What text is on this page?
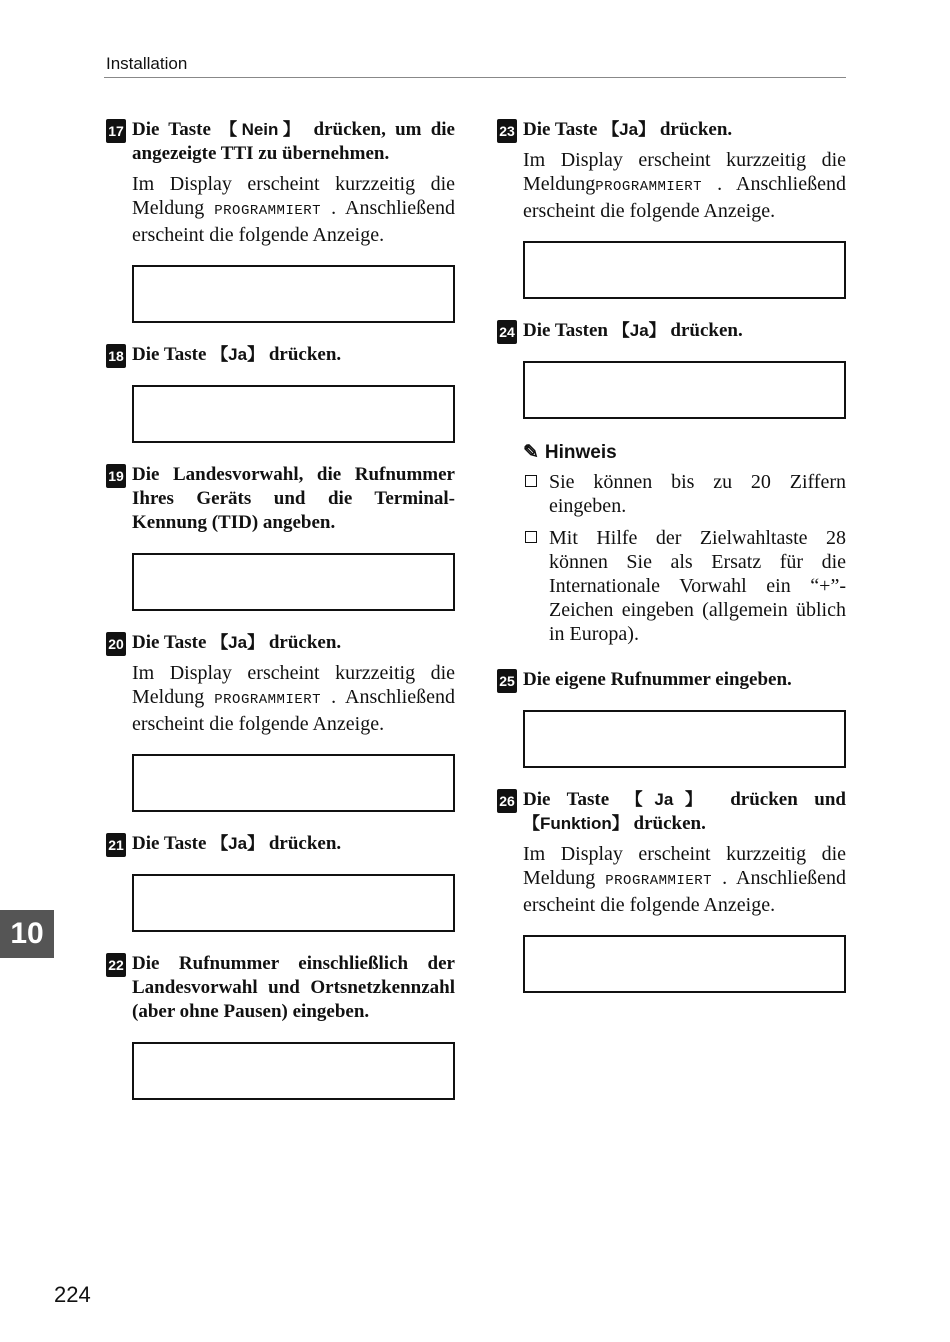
Installation
10
224
17 Die Taste 【Nein】 drücken, um die angezeigte TTI zu übernehmen.
Im Display erscheint kurzzeitig die Meldung PROGRAMMIERT . Anschließend erscheint die folgende Anzeige.

18 Die Taste 【Ja】 drücken.

19 Die Landesvorwahl, die Rufnummer Ihres Geräts und die Terminal-Kennung (TID) angeben.

20 Die Taste 【Ja】 drücken.
Im Display erscheint kurzzeitig die Meldung PROGRAMMIERT . Anschließend erscheint die folgende Anzeige.

21 Die Taste 【Ja】 drücken.

22 Die Rufnummer einschließlich der Landesvorwahl und Ortsnetzkennzahl (aber ohne Pausen) eingeben.

23 Die Taste 【Ja】 drücken.
Im Display erscheint kurzzeitig die MeldungPROGRAMMIERT . Anschließend erscheint die folgende Anzeige.

24 Die Tasten 【Ja】 drücken.

✎ Hinweis
Sie können bis zu 20 Ziffern eingeben.
Mit Hilfe der Zielwahltaste 28 können Sie als Ersatz für die Internationale Vorwahl ein “+”-Zeichen eingeben (allgemein üblich in Europa).
25 Die eigene Rufnummer eingeben.

26 Die Taste 【Ja】 drücken und 【Funktion】 drücken.
Im Display erscheint kurzzeitig die Meldung PROGRAMMIERT . Anschließend erscheint die folgende Anzeige.
